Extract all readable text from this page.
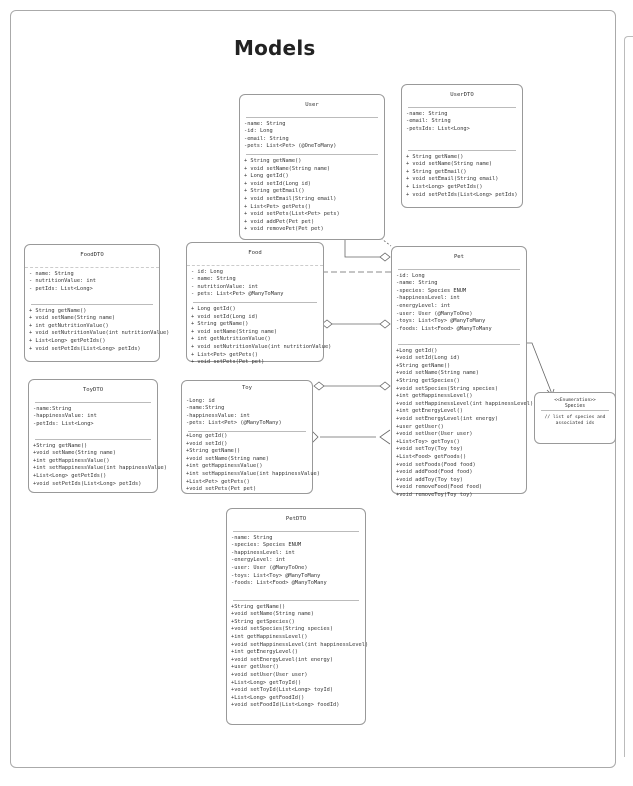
Models
User
-name: String
-id: Long
-email: String
-pets: List<Pet> (@OneToMany)
+ String getName()
+ void setName(String name)
+ Long getId()
+ void setId(Long id)
+ String getEmail()
+ void setEmail(String email)
+ List<Pet> getPets()
+ void setPets(List<Pet> pets)
+ void addPet(Pet pet)
+ void removePet(Pet pet)
UserDTO
-name: String
-email: String
-petsIds: List<Long>
+ String getName()
+ void setName(String name)
+ String getEmail()
+ void setEmail(String email)
+ List<Long> getPetIds()
+ void setPetIds(List<Long> petIds)
FoodDTO
- name: String
- nutritionValue: int
- petIds: List<Long>
+ String getName()
+ void setName(String name)
+ int getNutritionValue()
+ void setNutritionValue(int nutritionValue)
+ List<Long> getPetIds()
+ void setPetIds(List<Long> petIds)
Food
- id: Long
- name: String
- nutritionValue: int
- pets: List<Pet> @ManyToMany
+ Long getId()
+ void setId(Long id)
+ String getName()
+ void setName(String name)
+ int getNutritionValue()
+ void setNutritionValue(int nutritionValue)
+ List<Pet> getPets()
+ void setPets(Pet pet)
Pet
-id: Long
-name: String
-species: Species ENUM
-happinessLevel: int
-energyLevel: int
-user: User (@ManyToOne)
-toys: List<Toy> @ManyToMany
-foods: List<Food> @ManyToMany
+Long getId()
+void setId(Long id)
+String getName()
+void setName(String name)
+String getSpecies()
+void setSpecies(String species)
+int getHappinessLevel()
+void setHappinessLevel(int happinessLevel)
+int getEnergyLevel()
+void setEnergyLevel(int energy)
+user getUser()
+void setUser(User user)
+List<Toy> getToys()
+void setToy(Toy toy)
+List<Food> getFoods()
+void setFoods(Food food)
+void addFood(Food food)
+void addToy(Toy toy)
+void removeFood(Food food)
+void removeToy(Toy toy)
ToyDTO
-name:String
-happinessValue: int
-petIds: List<Long>
+String getName()
+void setName(String name)
+int getHappinessValue()
+int setHappinessValue(int happinessValue)
+List<Long> getPetIds()
+void setPetIds(List<Long> petIds)
Toy
-Long: id
-name:String
-happinessValue: int
-pets: List<Pet> (@ManyToMany)
+Long getId()
+void setId()
+String getName()
+void setName(String name)
+int getHappinessValue()
+int setHappinessValue(int happinessValue)
+List<Pet> getPets()
+void setPets(Pet pet)
<<Enumeration>>
Species
// list of species and associated ids
PetDTO
-name: String
-species: Species ENUM
-happinessLevel: int
-energyLevel: int
-user: User (@ManyToOne)
-toys: List<Toy> @ManyToMany
-foods: List<Food> @ManyToMany
+String getName()
+void setName(String name)
+String getSpecies()
+void setSpecies(String species)
+int getHappinessLevel()
+void setHappinessLevel(int happinessLevel)
+int getEnergyLevel()
+void setEnergyLevel(int energy)
+user getUser()
+void setUser(User user)
+List<Long> getToyId()
+void setToyId(List<Long> toyId)
+List<Long> getFoodId()
+void setFoodId(List<Long> foodId)
